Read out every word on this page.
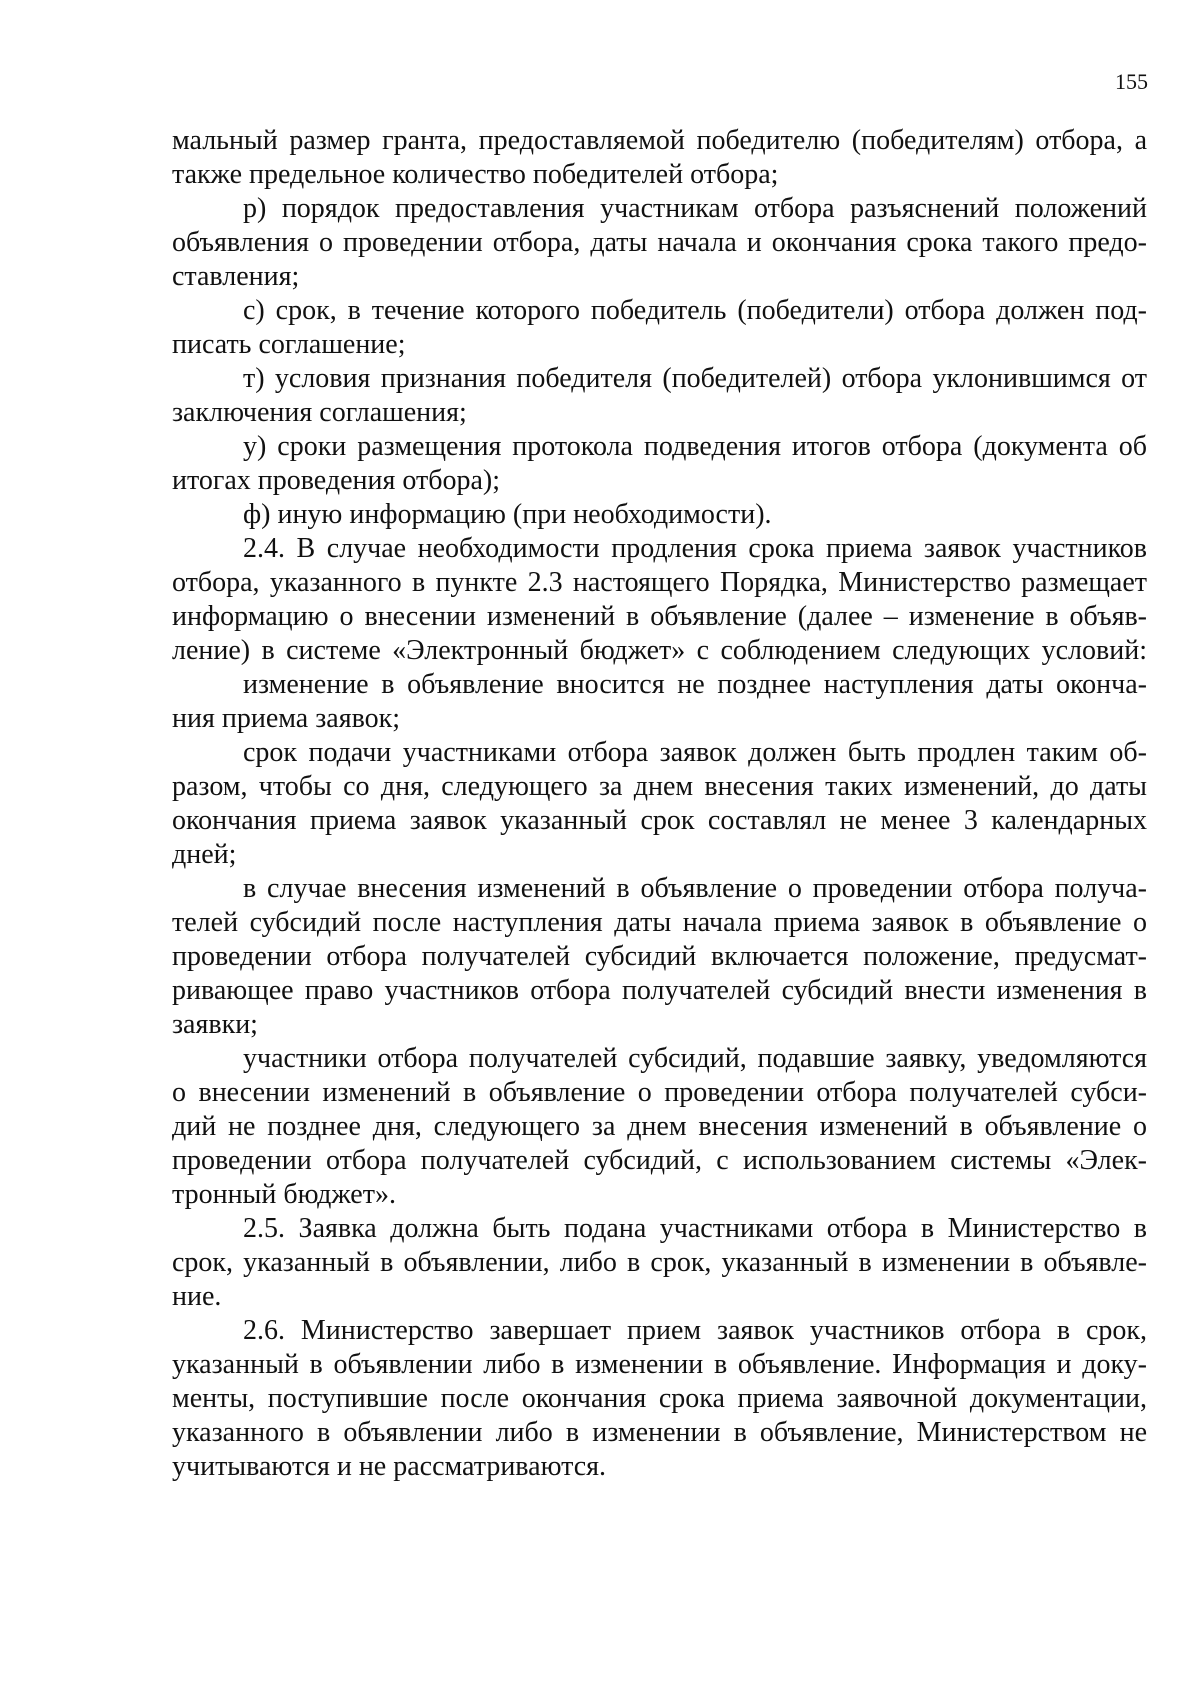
155
мальный размер гранта, предоставляемой победителю (победителям) отбора, а
также предельное количество победителей отбора;
р) порядок предоставления участникам отбора разъяснений положений
объявления о проведении отбора, даты начала и окончания срока такого предо-
ставления;
с) срок, в течение которого победитель (победители) отбора должен под-
писать соглашение;
т) условия признания победителя (победителей) отбора уклонившимся от
заключения соглашения;
у) сроки размещения протокола подведения итогов отбора (документа об
итогах проведения отбора);
ф) иную информацию (при необходимости).
2.4. В случае необходимости продления срока приема заявок участников
отбора, указанного в пункте 2.3 настоящего Порядка, Министерство размещает
информацию о внесении изменений в объявление (далее – изменение в объяв-
ление) в системе «Электронный бюджет» с соблюдением следующих условий:
изменение в объявление вносится не позднее наступления даты оконча-
ния приема заявок;
срок подачи участниками отбора заявок должен быть продлен таким об-
разом, чтобы со дня, следующего за днем внесения таких изменений, до даты
окончания приема заявок указанный срок составлял не менее 3 календарных
дней;
в случае внесения изменений в объявление о проведении отбора получа-
телей субсидий после наступления даты начала приема заявок в объявление о
проведении отбора получателей субсидий включается положение, предусмат-
ривающее право участников отбора получателей субсидий внести изменения в
заявки;
участники отбора получателей субсидий, подавшие заявку, уведомляются
о внесении изменений в объявление о проведении отбора получателей субси-
дий не позднее дня, следующего за днем внесения изменений в объявление о
проведении отбора получателей субсидий, с использованием системы «Элек-
тронный бюджет».
2.5. Заявка должна быть подана участниками отбора в Министерство в
срок, указанный в объявлении, либо в срок, указанный в изменении в объявле-
ние.
2.6. Министерство завершает прием заявок участников отбора в срок,
указанный в объявлении либо в изменении в объявление. Информация и доку-
менты, поступившие после окончания срока приема заявочной документации,
указанного в объявлении либо в изменении в объявление, Министерством не
учитываются и не рассматриваются.
